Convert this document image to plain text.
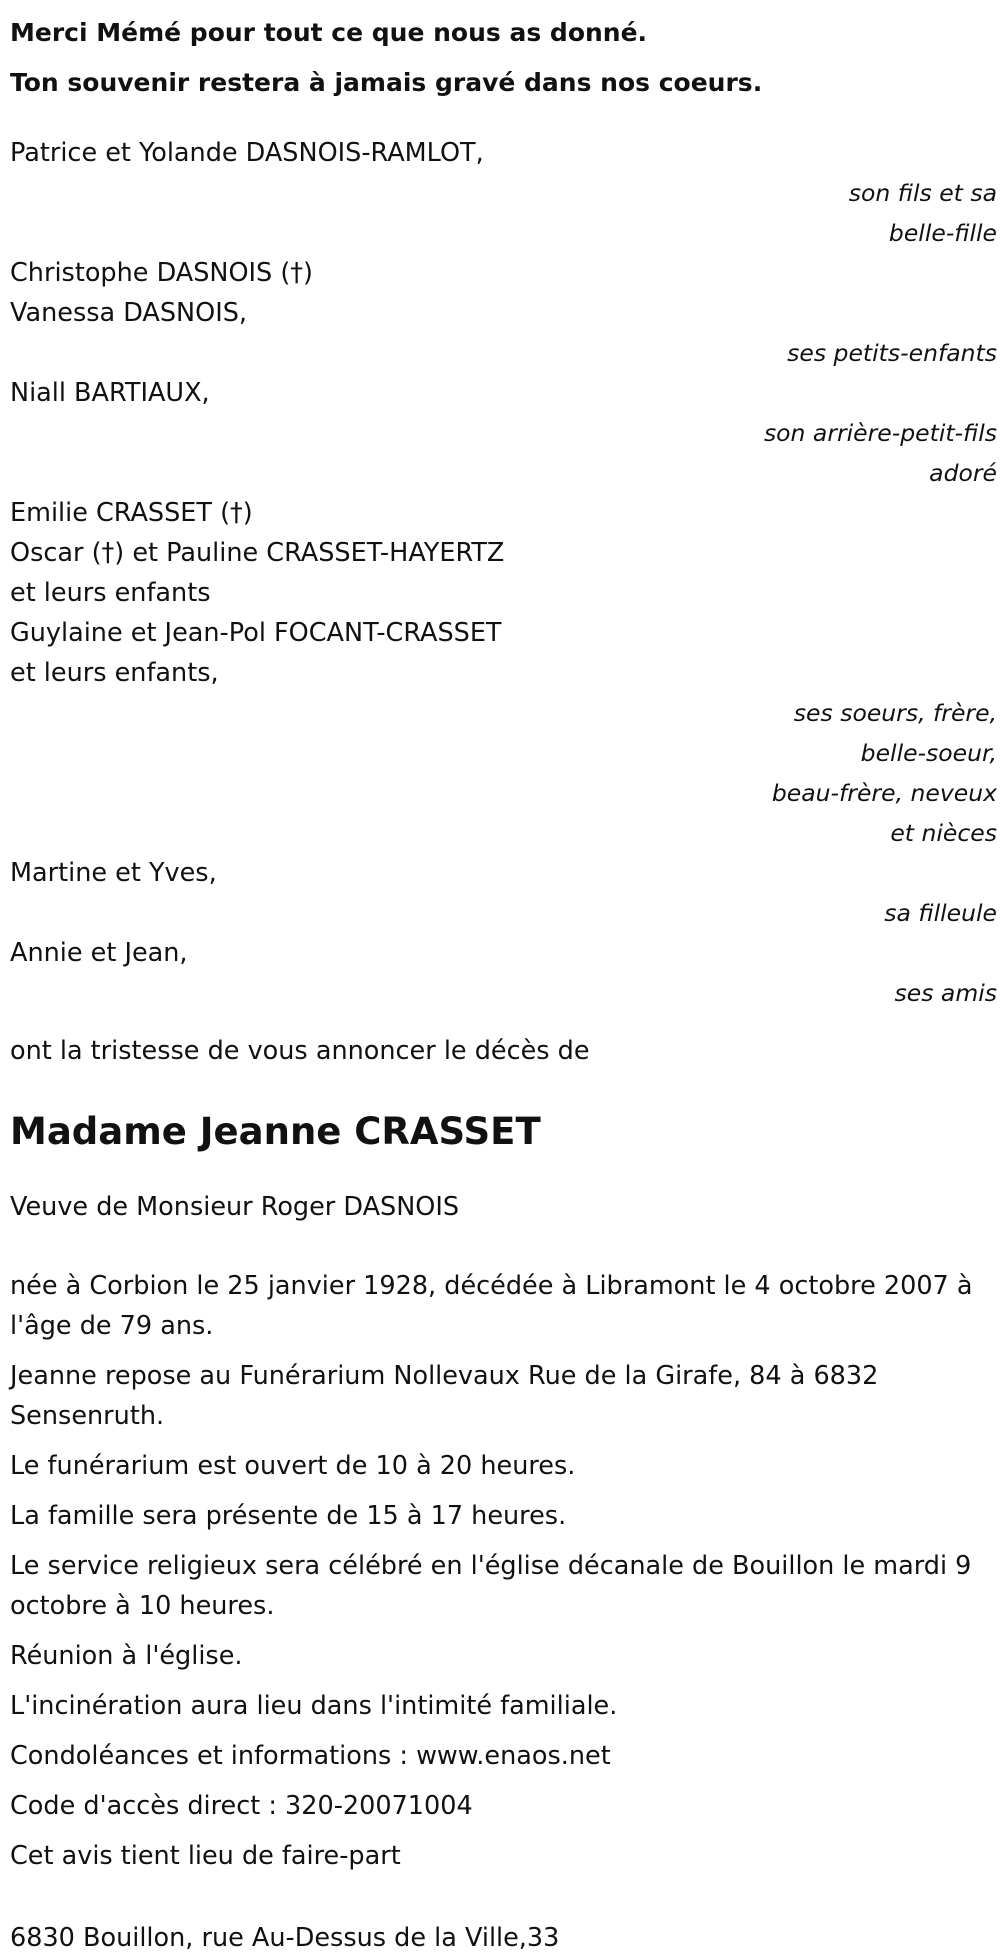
Merci Mémé pour tout ce que nous as donné.

Ton souvenir restera à jamais gravé dans nos coeurs.

Patrice et Yolande DASNOIS-RAMLOT,
son fils et sa
belle-fille
Christophe DASNOIS (†)
Vanessa DASNOIS,
ses petits-enfants
Niall BARTIAUX,
son arrière-petit-fils
adoré
Emilie CRASSET (†)
Oscar (†) et Pauline CRASSET-HAYERTZ
et leurs enfants
Guylaine et Jean-Pol FOCANT-CRASSET
et leurs enfants,
ses soeurs, frère,
belle-soeur,
beau-frère, neveux
et nièces
Martine et Yves,
sa filleule
Annie et Jean,
ses amis
ont la tristesse de vous annoncer le décès de
Madame Jeanne CRASSET
Veuve de Monsieur Roger DASNOIS

née à Corbion le 25 janvier 1928, décédée à Libramont le 4 octobre 2007 à l'âge de 79 ans.

Jeanne repose au Funérarium Nollevaux Rue de la Girafe, 84 à 6832 Sensenruth.

Le funérarium est ouvert de 10 à 20 heures.

La famille sera présente de 15 à 17 heures.

Le service religieux sera célébré en l'église décanale de Bouillon le mardi 9 octobre à 10 heures.

Réunion à l'église.

L'incinération aura lieu dans l'intimité familiale.

Condoléances et informations : www.enaos.net

Code d'accès direct : 320-20071004

Cet avis tient lieu de faire-part

6830 Bouillon, rue Au-Dessus de la Ville,33
